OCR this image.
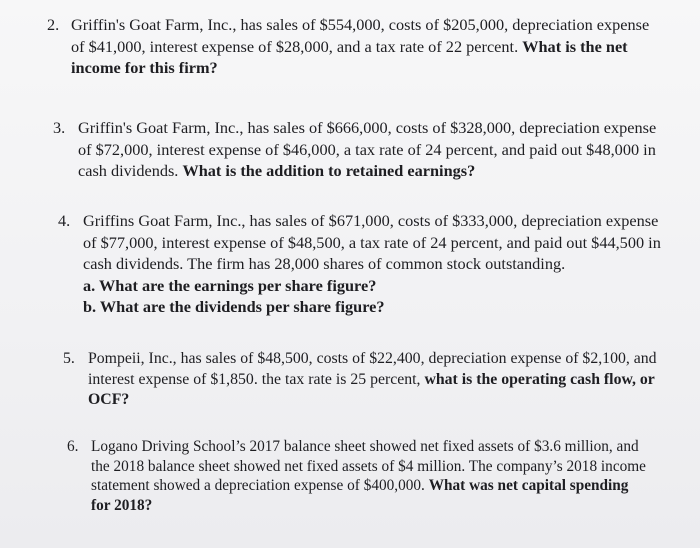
2. Griffin's Goat Farm, Inc., has sales of $554,000, costs of $205,000, depreciation expense
of $41,000, interest expense of $28,000, and a tax rate of 22 percent. What is the net
income for this firm?
3. Griffin's Goat Farm, Inc., has sales of $666,000, costs of $328,000, depreciation expense
of $72,000, interest expense of $46,000, a tax rate of 24 percent, and paid out $48,000 in
cash dividends. What is the addition to retained earnings?
4. Griffins Goat Farm, Inc., has sales of $671,000, costs of $333,000, depreciation expense
of $77,000, interest expense of $48,500, a tax rate of 24 percent, and paid out $44,500 in
cash dividends. The firm has 28,000 shares of common stock outstanding.
a. What are the earnings per share figure?
b. What are the dividends per share figure?
5. Pompeii, Inc., has sales of $48,500, costs of $22,400, depreciation expense of $2,100, and
interest expense of $1,850. the tax rate is 25 percent, what is the operating cash flow, or
OCF?
6. Logano Driving School’s 2017 balance sheet showed net fixed assets of $3.6 million, and
the 2018 balance sheet showed net fixed assets of $4 million. The company’s 2018 income
statement showed a depreciation expense of $400,000. What was net capital spending
for 2018?
